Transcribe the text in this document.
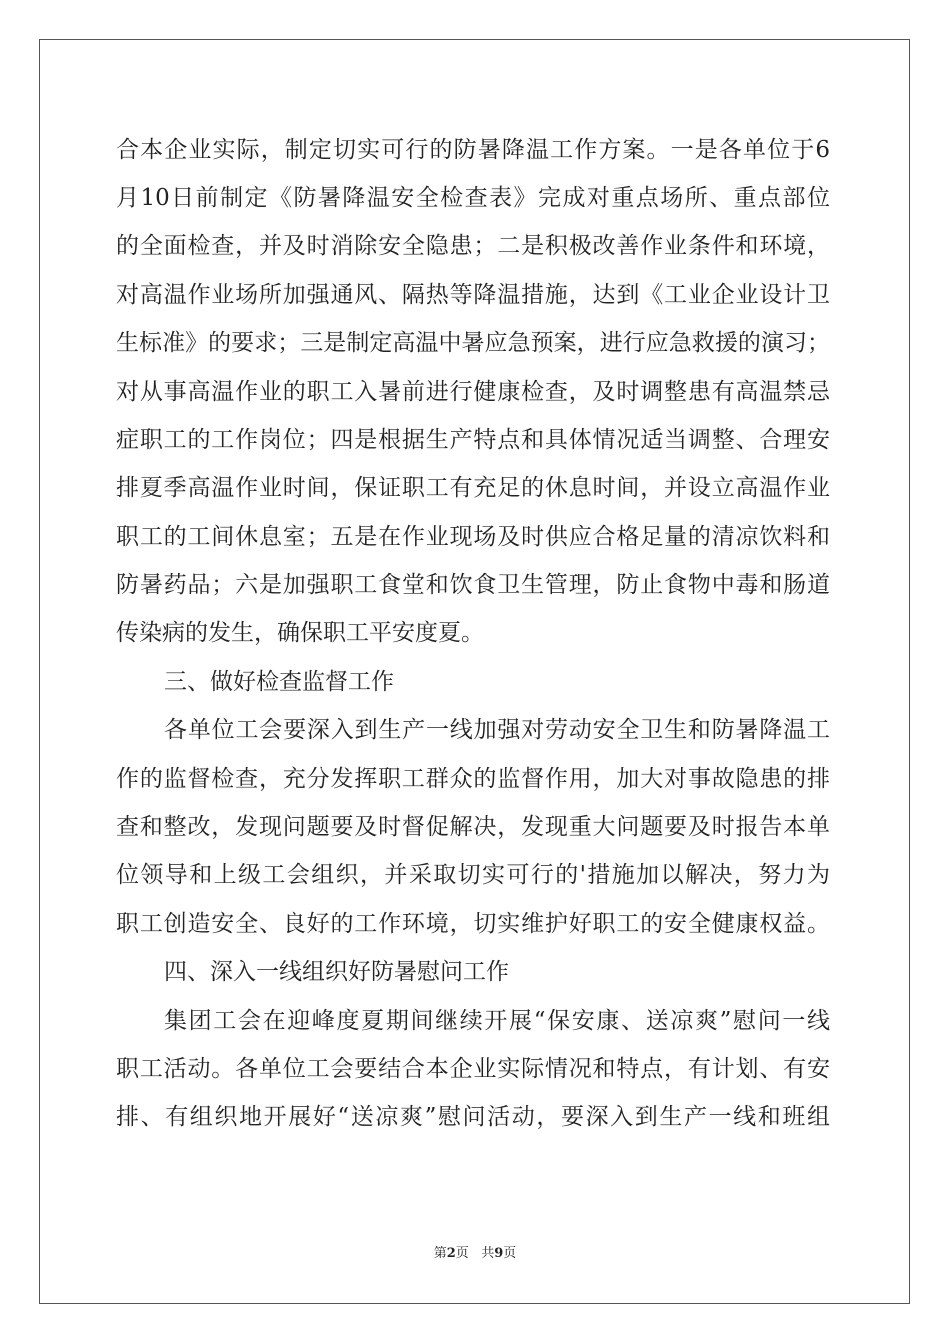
合本企业实际，制定切实可行的防暑降温工作方案。一是各单位于6
月10日前制定《防暑降温安全检查表》完成对重点场所、重点部位
的全面检查，并及时消除安全隐患；二是积极改善作业条件和环境，
对高温作业场所加强通风、隔热等降温措施，达到《工业企业设计卫
生标准》的要求；三是制定高温中暑应急预案，进行应急救援的演习；
对从事高温作业的职工入暑前进行健康检查，及时调整患有高温禁忌
症职工的工作岗位；四是根据生产特点和具体情况适当调整、合理安
排夏季高温作业时间，保证职工有充足的休息时间，并设立高温作业
职工的工间休息室；五是在作业现场及时供应合格足量的清凉饮料和
防暑药品；六是加强职工食堂和饮食卫生管理，防止食物中毒和肠道
传染病的发生，确保职工平安度夏。
三、做好检查监督工作
各单位工会要深入到生产一线加强对劳动安全卫生和防暑降温工
作的监督检查，充分发挥职工群众的监督作用，加大对事故隐患的排
查和整改，发现问题要及时督促解决，发现重大问题要及时报告本单
位领导和上级工会组织，并采取切实可行的'措施加以解决，努力为
职工创造安全、良好的工作环境，切实维护好职工的安全健康权益。
四、深入一线组织好防暑慰问工作
集团工会在迎峰度夏期间继续开展“保安康、送凉爽”慰问一线
职工活动。各单位工会要结合本企业实际情况和特点，有计划、有安
排、有组织地开展好“送凉爽”慰问活动，要深入到生产一线和班组
第2页 共9页
